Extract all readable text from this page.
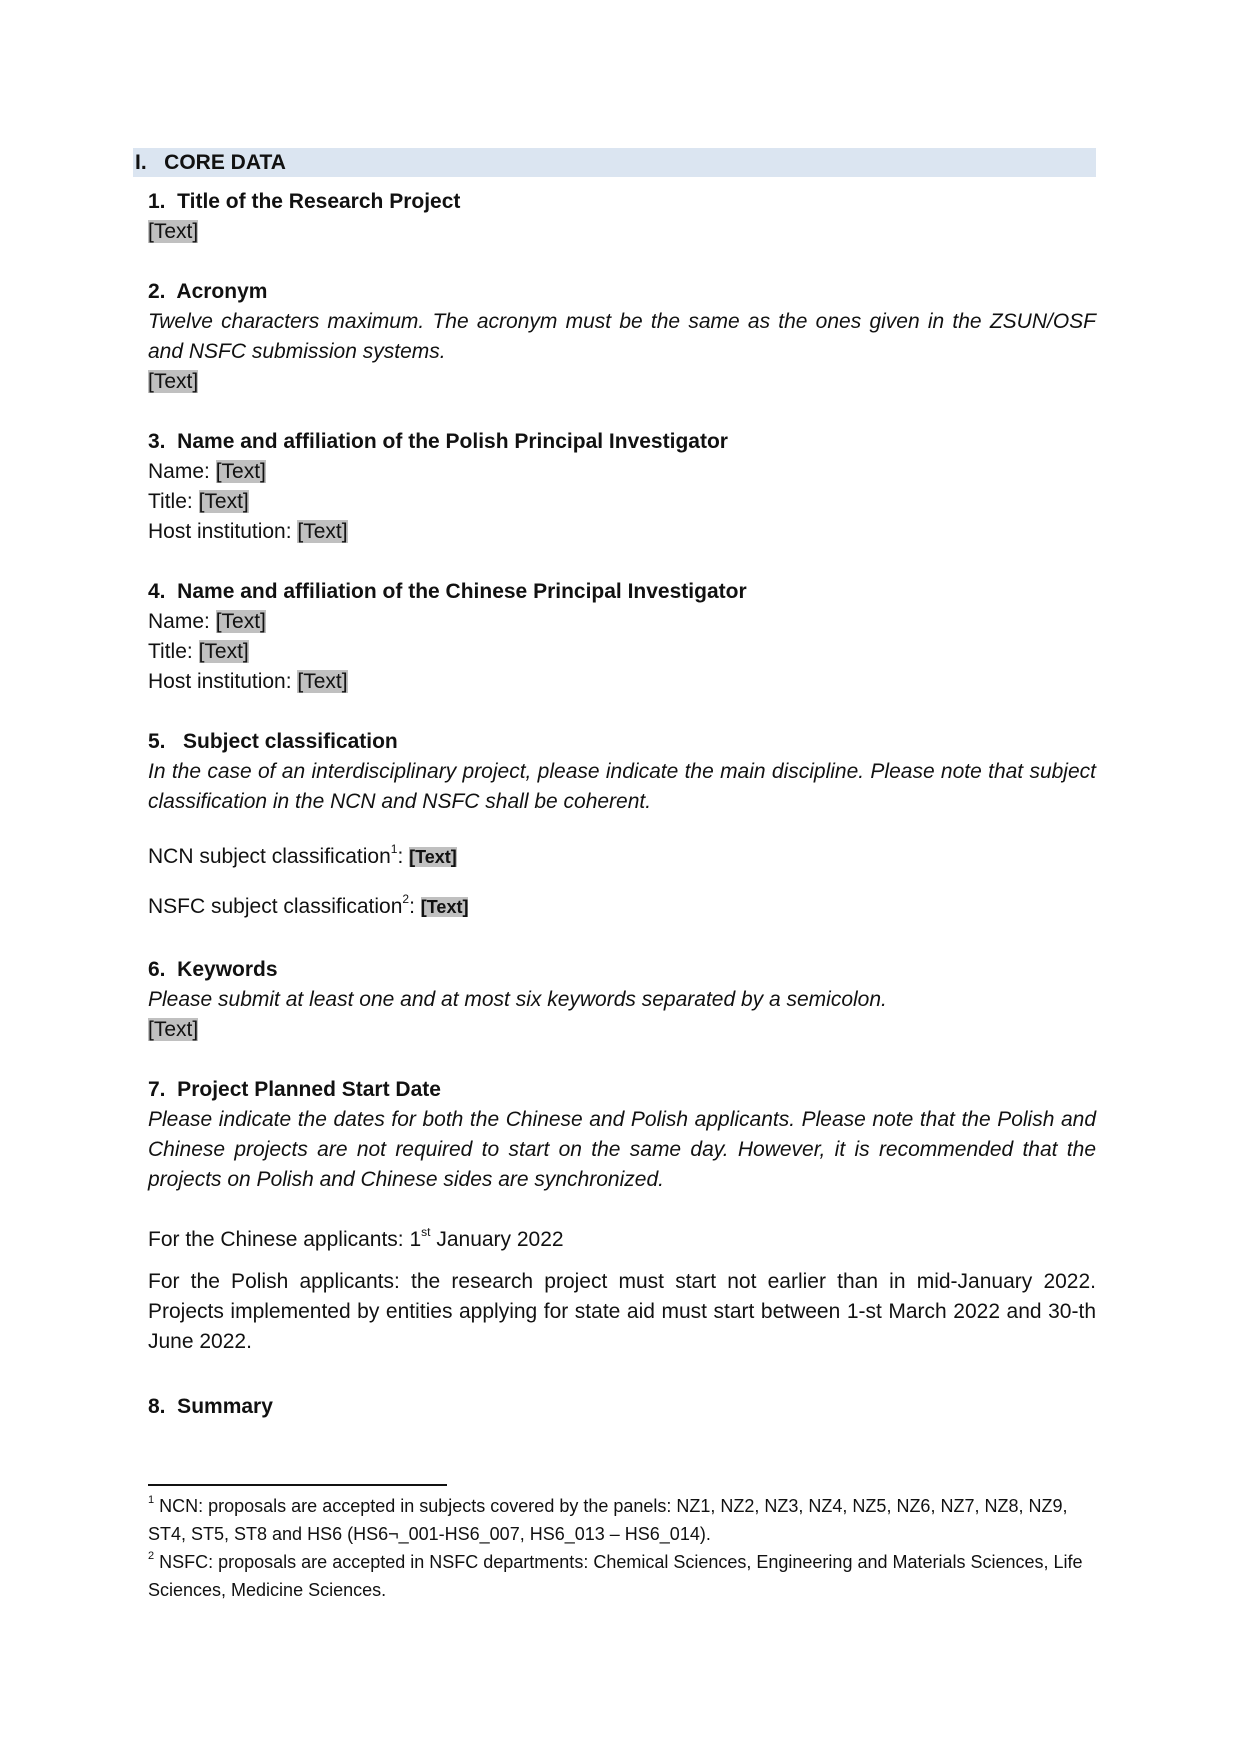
I.   CORE DATA
1.  Title of the Research Project
[Text]
2.  Acronym
Twelve characters maximum. The acronym must be the same as the ones given in the ZSUN/OSF and NSFC submission systems.
[Text]
3.  Name and affiliation of the Polish Principal Investigator
Name: [Text]
Title: [Text]
Host institution: [Text]
4.  Name and affiliation of the Chinese Principal Investigator
Name: [Text]
Title: [Text]
Host institution: [Text]
5.   Subject classification
In the case of an interdisciplinary project, please indicate the main discipline. Please note that subject classification in the NCN and NSFC shall be coherent.
NCN subject classification$^1$: [Text]
NSFC subject classification$^2$: [Text]
6.  Keywords
Please submit at least one and at most six keywords separated by a semicolon.
[Text]
7.  Project Planned Start Date
Please indicate the dates for both the Chinese and Polish applicants. Please note that the Polish and Chinese projects are not required to start on the same day. However, it is recommended that the projects on Polish and Chinese sides are synchronized.
For the Chinese applicants: 1st January 2022
For the Polish applicants: the research project must start not earlier than in mid-January 2022. Projects implemented by entities applying for state aid must start between 1-st March 2022 and 30-th June 2022.
8.  Summary
$^1$ NCN: proposals are accepted in subjects covered by the panels: NZ1, NZ2, NZ3, NZ4, NZ5, NZ6, NZ7, NZ8, NZ9, ST4, ST5, ST8 and HS6 (HS6¬_001-HS6_007, HS6_013 – HS6_014).
$^2$ NSFC: proposals are accepted in NSFC departments: Chemical Sciences, Engineering and Materials Sciences, Life Sciences, Medicine Sciences.
